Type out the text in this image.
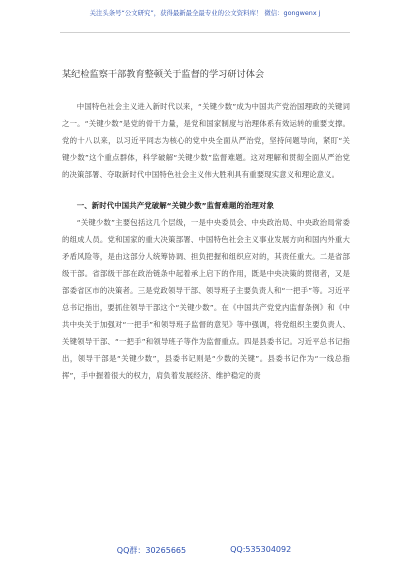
关注头条号“公文研究”，获得最新最全最专业的公文资料库！ 微信：gongwenx j
某纪检监察干部教育整顿关于监督的学习研讨体会

中国特色社会主义进入新时代以来，“关键少数”成为中国共产党治国理政的关键词之一。“关键少数”是党的骨干力量，是党和国家制度与治理体系有效运转的重要支撑。党的十八以来，以习近平同志为核心的党中央全面从严治党，坚持问题导向，紧盯“关键少数”这个重点群体，科学破解“关键少数”监督难题。这对理解和贯彻全面从严治党的决策部署、夺取新时代中国特色社会主义伟大胜利具有重要现实意义和理论意义。

一、新时代中国共产党破解“关键少数”监督难题的治理对象

“关键少数”主要包括这几个层级，一是中央委员会、中央政治局、中央政治局常委的组成人员。党和国家的重大决策部署、中国特色社会主义事业发展方向和国内外重大矛盾风险等，是由这部分人统筹协调、担负把握和组织应对的，其责任重大。二是省部级干部。省部级干部在政治链条中起着承上启下的作用，既是中央决策的贯彻者，又是部委省区市的决策者。三是党政领导干部、领导班子主要负责人和“一把手”等。习近平总书记指出，要抓住领导干部这个“关键少数”。在《中国共产党党内监督条例》和《中共中央关于加强对“一把手”和领导班子监督的意见》等中强调，将党组织主要负责人、关键领导干部、“一把手”和领导班子等作为监督重点。四是县委书记。习近平总书记指出，领导干部是“关键少数”，县委书记则是“少数的关键”。县委书记作为“一线总指挥”，手中握着很大的权力，肩负着发展经济、维护稳定的责

QQ群：30265665	QQ:535304092
